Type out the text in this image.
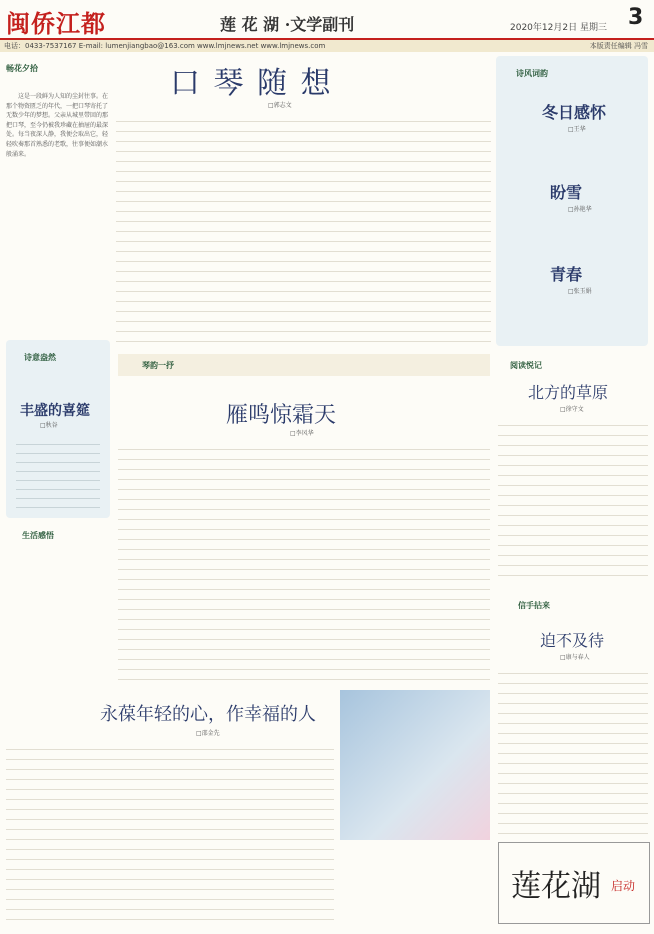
闽侨江都	莲 花 湖 ·文学副刊	2020年12月2日 星期三 3
电话：0433-7537167 E-mail: lumenjiangbao@163.com www.lmjnews.net www.lmjnews.com	本版责任编辑 冯雪
畅花夕拾

这是一段鲜为人知的尘封往事。在那个物资匮乏的年代，一把口琴寄托了无数少年的梦想。父亲从城里带回的那把口琴，至今仍被我珍藏在抽屉的最深处。每当夜深人静，我便会取出它，轻轻吹奏那首熟悉的老歌，往事便如潮水般涌来。

诗意盎然
丰盛的喜筵
□秋谷
生活感悟
口 琴 随 想
□郭志文
琴韵一抒
雁鸣惊霜天
□李风华
诗风词韵
冬日感怀
□王华
盼雪
□孙艳华
青春
□张玉娟
阅读悦记
北方的草原
□徐守文
永葆年轻的心，作幸福的人
□邵金先
信手拈来
迫不及待
□康与春人
莲花湖 启动
